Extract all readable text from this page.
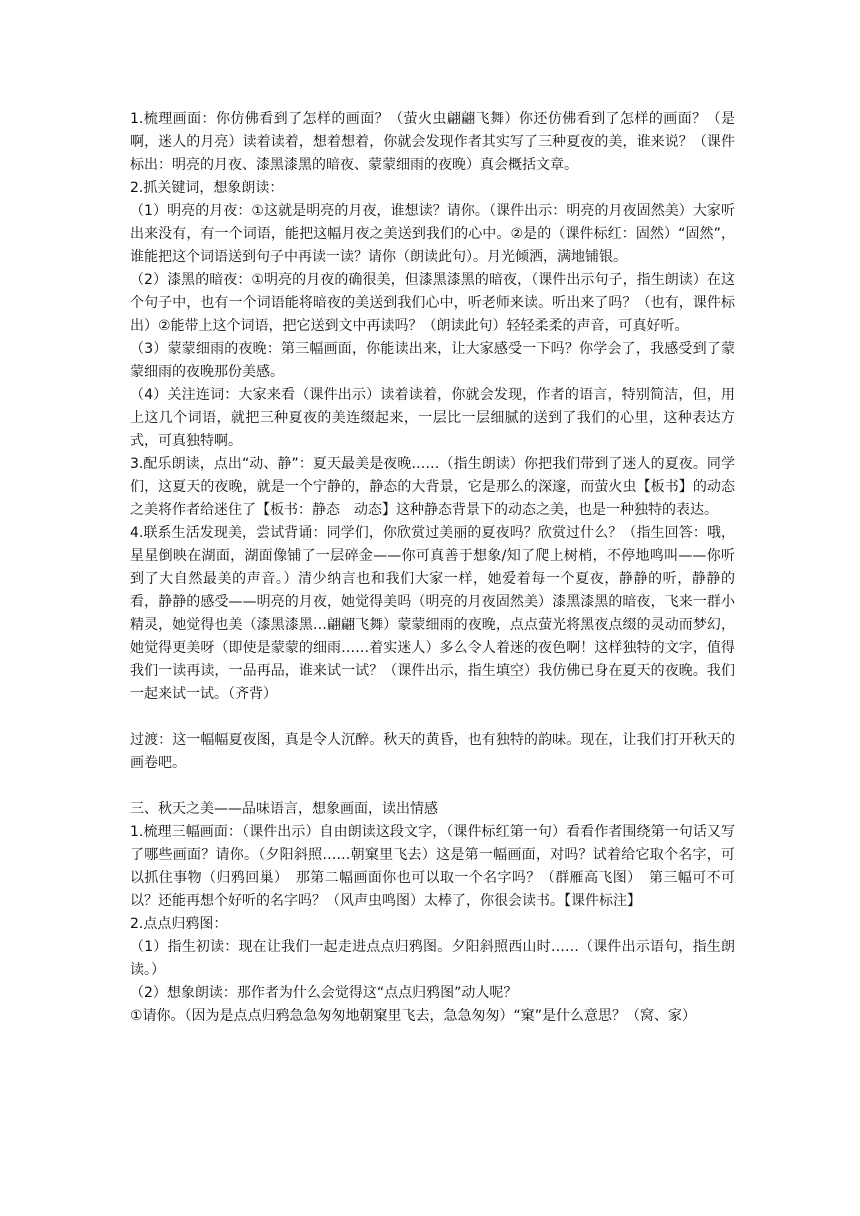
1.梳理画面：你仿佛看到了怎样的画面？（萤火虫翩翩飞舞）你还仿佛看到了怎样的画面？（是啊，迷人的月亮）读着读着，想着想着，你就会发现作者其实写了三种夏夜的美，谁来说？（课件标出：明亮的月夜、漆黑漆黑的暗夜、蒙蒙细雨的夜晚）真会概括文章。
2.抓关键词，想象朗读：
（1）明亮的月夜：①这就是明亮的月夜，谁想读？请你。（课件出示：明亮的月夜固然美）大家听出来没有，有一个词语，能把这幅月夜之美送到我们的心中。②是的（课件标红：固然）“固然”，谁能把这个词语送到句子中再读一读？请你（朗读此句）。月光倾洒，满地铺银。
（2）漆黑的暗夜：①明亮的月夜的确很美，但漆黑漆黑的暗夜，（课件出示句子，指生朗读）在这个句子中，也有一个词语能将暗夜的美送到我们心中，听老师来读。听出来了吗？（也有，课件标出）②能带上这个词语，把它送到文中再读吗？（朗读此句）轻轻柔柔的声音，可真好听。
（3）蒙蒙细雨的夜晚：第三幅画面，你能读出来，让大家感受一下吗？你学会了，我感受到了蒙蒙细雨的夜晚那份美感。
（4）关注连词：大家来看（课件出示）读着读着，你就会发现，作者的语言，特别简洁，但，用上这几个词语，就把三种夏夜的美连缀起来，一层比一层细腻的送到了我们的心里，这种表达方式，可真独特啊。
3.配乐朗读，点出“动、静”：夏天最美是夜晚……（指生朗读）你把我们带到了迷人的夏夜。同学们，这夏天的夜晚，就是一个宁静的，静态的大背景，它是那么的深邃，而萤火虫【板书】的动态之美将作者给迷住了【板书：静态　动态】这种静态背景下的动态之美，也是一种独特的表达。
4.联系生活发现美，尝试背诵：同学们，你欣赏过美丽的夏夜吗？欣赏过什么？（指生回答：哦，星星倒映在湖面，湖面像铺了一层碎金——你可真善于想象/知了爬上树梢，不停地鸣叫——你听到了大自然最美的声音。）清少纳言也和我们大家一样，她爱着每一个夏夜，静静的听，静静的看，静静的感受——明亮的月夜，她觉得美吗（明亮的月夜固然美）漆黑漆黑的暗夜，飞来一群小精灵，她觉得也美（漆黑漆黑…翩翩飞舞）蒙蒙细雨的夜晚，点点萤光将黑夜点缀的灵动而梦幻，她觉得更美呀（即使是蒙蒙的细雨……着实迷人）多么令人着迷的夜色啊！这样独特的文字，值得我们一读再读，一品再品，谁来试一试？（课件出示，指生填空）我仿佛已身在夏天的夜晚。我们一起来试一试。（齐背）
过渡：这一幅幅夏夜图，真是令人沉醉。秋天的黄昏，也有独特的韵味。现在，让我们打开秋天的画卷吧。
三、秋天之美——品味语言，想象画面，读出情感
1.梳理三幅画面：（课件出示）自由朗读这段文字，（课件标红第一句）看看作者围绕第一句话又写了哪些画面？请你。（夕阳斜照……朝窠里飞去）这是第一幅画面，对吗？试着给它取个名字，可以抓住事物（归鸦回巢）　那第二幅画面你也可以取一个名字吗？（群雁高飞图）　第三幅可不可以？还能再想个好听的名字吗？（风声虫鸣图）太棒了，你很会读书。【课件标注】
2.点点归鸦图：
（1）指生初读：现在让我们一起走进点点归鸦图。夕阳斜照西山时……（课件出示语句，指生朗读。）
（2）想象朗读：那作者为什么会觉得这“点点归鸦图”动人呢？
①请你。（因为是点点归鸦急急匆匆地朝窠里飞去，急急匆匆）“窠”是什么意思？（窝、家）
